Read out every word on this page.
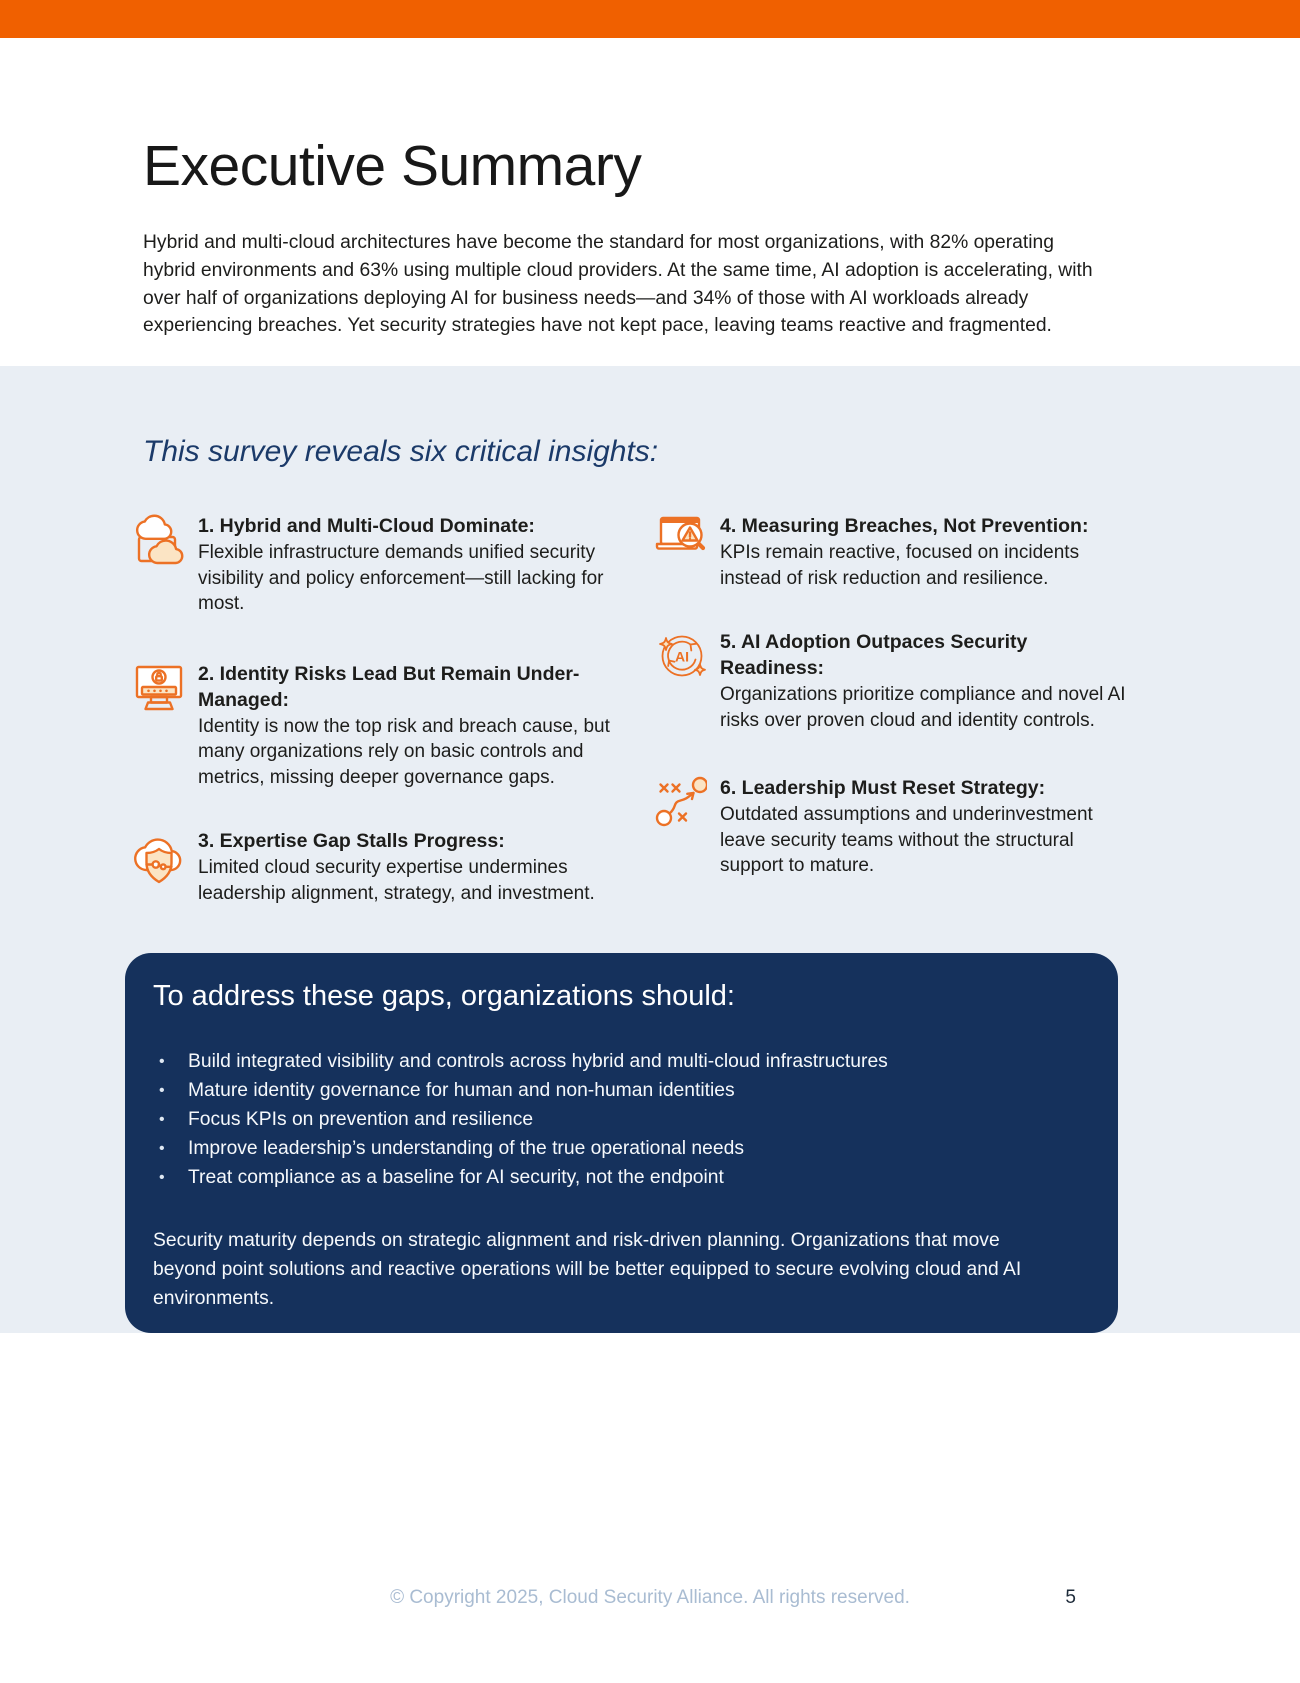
Executive Summary

Hybrid and multi-cloud architectures have become the standard for most organizations, with 82% operating hybrid environments and 63% using multiple cloud providers. At the same time, AI adoption is accelerating, with over half of organizations deploying AI for business needs—and 34% of those with AI workloads already experiencing breaches. Yet security strategies have not kept pace, leaving teams reactive and fragmented.

This survey reveals six critical insights:
1. Hybrid and Multi-Cloud Dominate:
Flexible infrastructure demands unified security visibility and policy enforcement—still lacking for most.
2. Identity Risks Lead But Remain Under-Managed:
Identity is now the top risk and breach cause, but many organizations rely on basic controls and metrics, missing deeper governance gaps.
3. Expertise Gap Stalls Progress:
Limited cloud security expertise undermines leadership alignment, strategy, and investment.
4. Measuring Breaches, Not Prevention:
KPIs remain reactive, focused on incidents instead of risk reduction and resilience.
AI
5. AI Adoption Outpaces Security Readiness:
Organizations prioritize compliance and novel AI risks over proven cloud and identity controls.
6. Leadership Must Reset Strategy:
Outdated assumptions and underinvestment leave security teams without the structural support to mature.
To address these gaps, organizations should:
• Build integrated visibility and controls across hybrid and multi-cloud infrastructures
• Mature identity governance for human and non-human identities
• Focus KPIs on prevention and resilience
• Improve leadership’s understanding of the true operational needs
• Treat compliance as a baseline for AI security, not the endpoint

Security maturity depends on strategic alignment and risk-driven planning. Organizations that move beyond point solutions and reactive operations will be better equipped to secure evolving cloud and AI environments.

© Copyright 2025, Cloud Security Alliance. All rights reserved.	5
